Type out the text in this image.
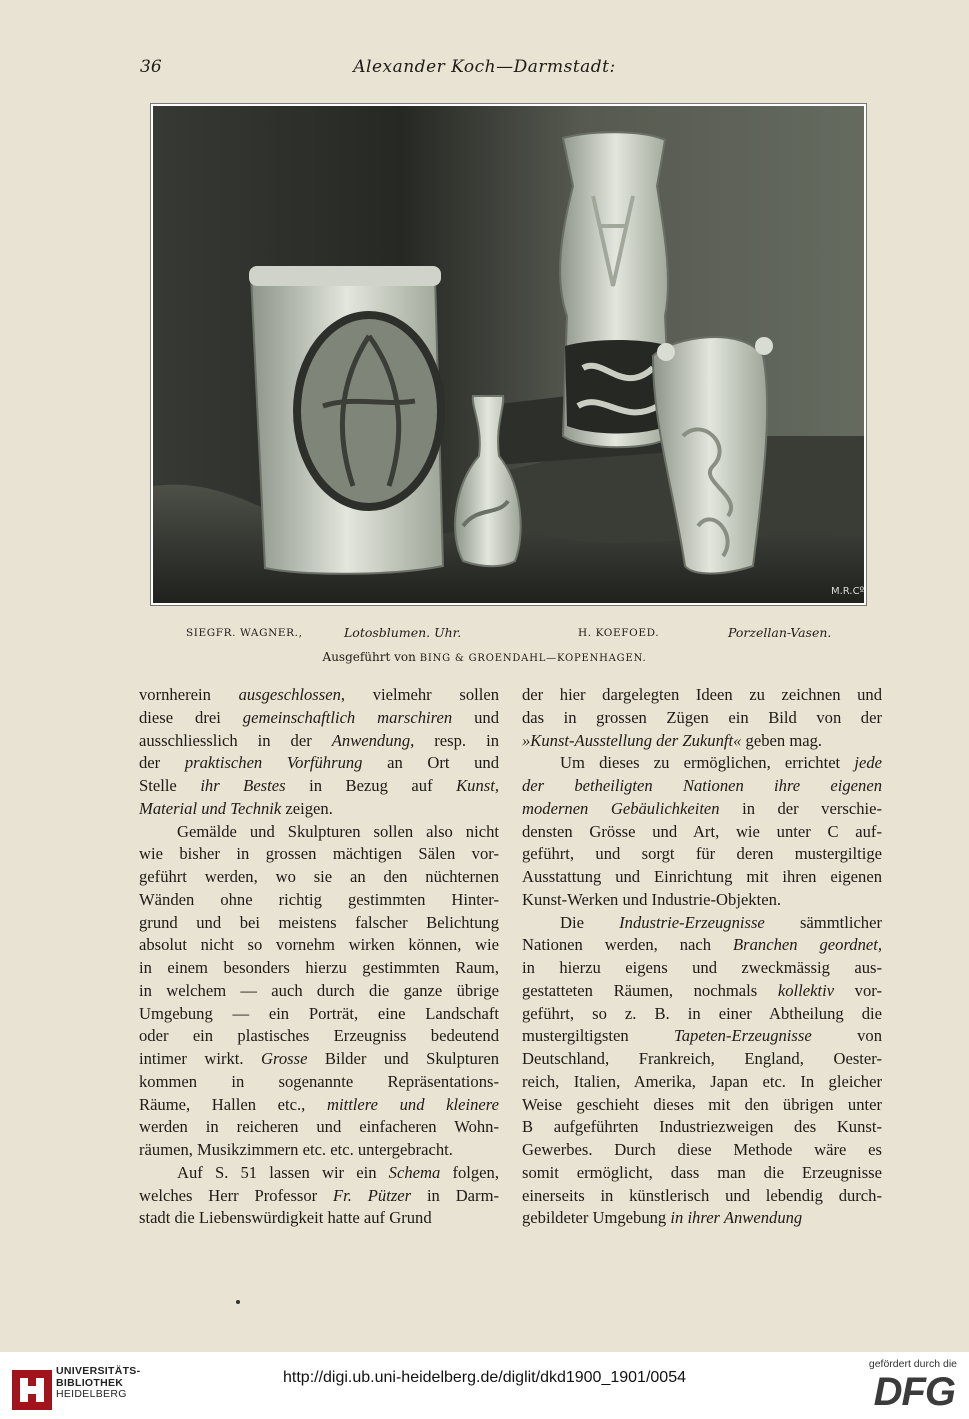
36	Alexander Koch—Darmstadt:
M.R.Cº
SIEGFR. WAGNER.,	Lotosblumen. Uhr.	H. KOEFOED.	Porzellan-Vasen.
Ausgeführt von BING & GROENDAHL—KOPENHAGEN.
vornherein ausgeschlossen, vielmehr sollen
diese drei gemeinschaftlich marschiren und
ausschliesslich in der Anwendung, resp. in
der praktischen Vorführung an Ort und
Stelle ihr Bestes in Bezug auf Kunst,
Material und Technik zeigen.
Gemälde und Skulpturen sollen also nicht
wie bisher in grossen mächtigen Sälen vor-
geführt werden, wo sie an den nüchternen
Wänden ohne richtig gestimmten Hinter-
grund und bei meistens falscher Belichtung
absolut nicht so vornehm wirken können, wie
in einem besonders hierzu gestimmten Raum,
in welchem — auch durch die ganze übrige
Umgebung — ein Porträt, eine Landschaft
oder ein plastisches Erzeugniss bedeutend
intimer wirkt. Grosse Bilder und Skulpturen
kommen in sogenannte Repräsentations-
Räume, Hallen etc., mittlere und kleinere
werden in reicheren und einfacheren Wohn-
räumen, Musikzimmern etc. etc. untergebracht.
Auf S. 51 lassen wir ein Schema folgen,
welches Herr Professor Fr. Pützer in Darm-
stadt die Liebenswürdigkeit hatte auf Grund
der hier dargelegten Ideen zu zeichnen und
das in grossen Zügen ein Bild von der
»Kunst-Ausstellung der Zukunft« geben mag.
Um dieses zu ermöglichen, errichtet jede
der betheiligten Nationen ihre eigenen
modernen Gebäulichkeiten in der verschie-
densten Grösse und Art, wie unter C auf-
geführt, und sorgt für deren mustergiltige
Ausstattung und Einrichtung mit ihren eigenen
Kunst-Werken und Industrie-Objekten.
Die Industrie-Erzeugnisse sämmtlicher
Nationen werden, nach Branchen geordnet,
in hierzu eigens und zweckmässig aus-
gestatteten Räumen, nochmals kollektiv vor-
geführt, so z. B. in einer Abtheilung die
mustergiltigsten Tapeten-Erzeugnisse von
Deutschland, Frankreich, England, Oester-
reich, Italien, Amerika, Japan etc. In gleicher
Weise geschieht dieses mit den übrigen unter
B aufgeführten Industriezweigen des Kunst-
Gewerbes. Durch diese Methode wäre es
somit ermöglicht, dass man die Erzeugnisse
einerseits in künstlerisch und lebendig durch-
gebildeter Umgebung in ihrer Anwendung
UNIVERSITÄTS-
BIBLIOTHEK
HEIDELBERG
http://digi.ub.uni-heidelberg.de/diglit/dkd1900_1901/0054
gefördert durch die
DFG
